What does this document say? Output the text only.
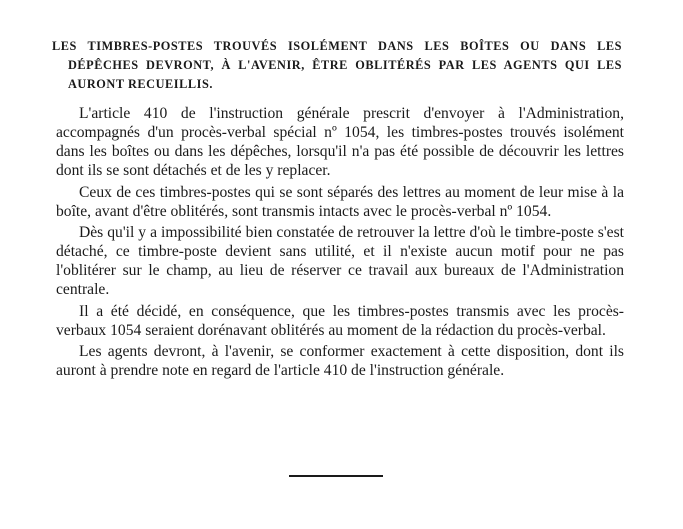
LES TIMBRES-POSTES TROUVÉS ISOLÉMENT DANS LES BOÎTES OU DANS LES DÉPÊCHES DEVRONT, À L'AVENIR, ÊTRE OBLITÉRÉS PAR LES AGENTS QUI LES AURONT RECUEILLIS.

L'article 410 de l'instruction générale prescrit d'envoyer à l'Administration, accompagnés d'un procès-verbal spécial nº 1054, les timbres-postes trouvés isolément dans les boîtes ou dans les dépêches, lorsqu'il n'a pas été possible de découvrir les lettres dont ils se sont détachés et de les y replacer.

Ceux de ces timbres-postes qui se sont séparés des lettres au moment de leur mise à la boîte, avant d'être oblitérés, sont transmis intacts avec le procès-verbal nº 1054.

Dès qu'il y a impossibilité bien constatée de retrouver la lettre d'où le timbre-poste s'est détaché, ce timbre-poste devient sans utilité, et il n'existe aucun motif pour ne pas l'oblitérer sur le champ, au lieu de réserver ce travail aux bureaux de l'Administration centrale.

Il a été décidé, en conséquence, que les timbres-postes transmis avec les procès-verbaux 1054 seraient dorénavant oblitérés au moment de la rédaction du procès-verbal.

Les agents devront, à l'avenir, se conformer exactement à cette disposition, dont ils auront à prendre note en regard de l'article 410 de l'instruction générale.
